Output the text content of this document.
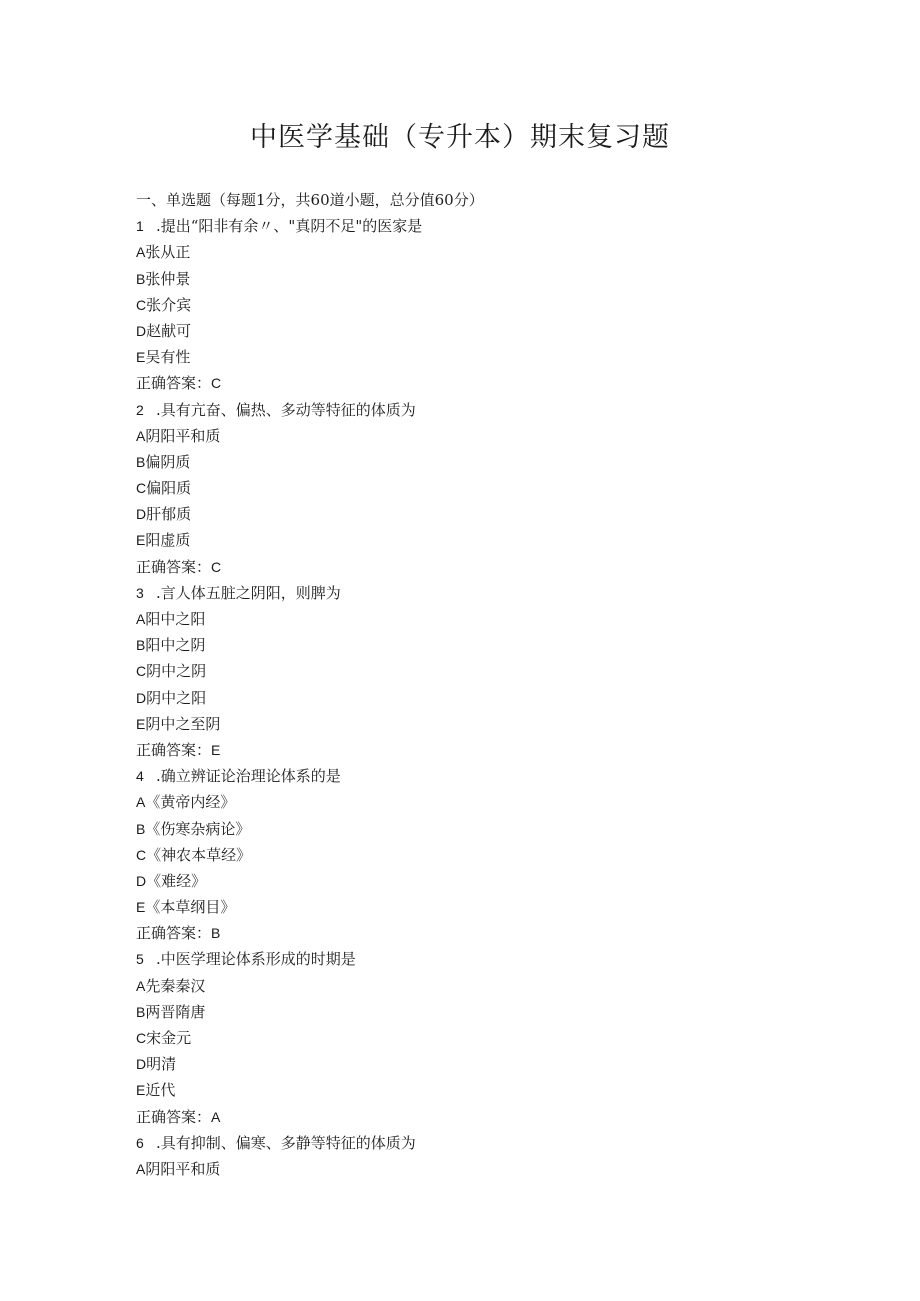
中医学基础（专升本）期末复习题
一、单选题（每题1分，共60道小题，总分值60分）
1 .提出“阳非有余〃、"真阴不足"的医家是
A张从正
B张仲景
C张介宾
D赵献可
E吴有性
正确答案：C
2 .具有亢奋、偏热、多动等特征的体质为
A阴阳平和质
B偏阴质
C偏阳质
D肝郁质
E阳虚质
正确答案：C
3 .言人体五脏之阴阳，则脾为
A阳中之阳
B阳中之阴
C阴中之阴
D阴中之阳
E阴中之至阴
正确答案：E
4 .确立辨证论治理论体系的是
A《黄帝内经》
B《伤寒杂病论》
C《神农本草经》
D《难经》
E《本草纲目》
正确答案：B
5 .中医学理论体系形成的时期是
A先秦秦汉
B两晋隋唐
C宋金元
D明清
E近代
正确答案：A
6 .具有抑制、偏寒、多静等特征的体质为
A阴阳平和质
